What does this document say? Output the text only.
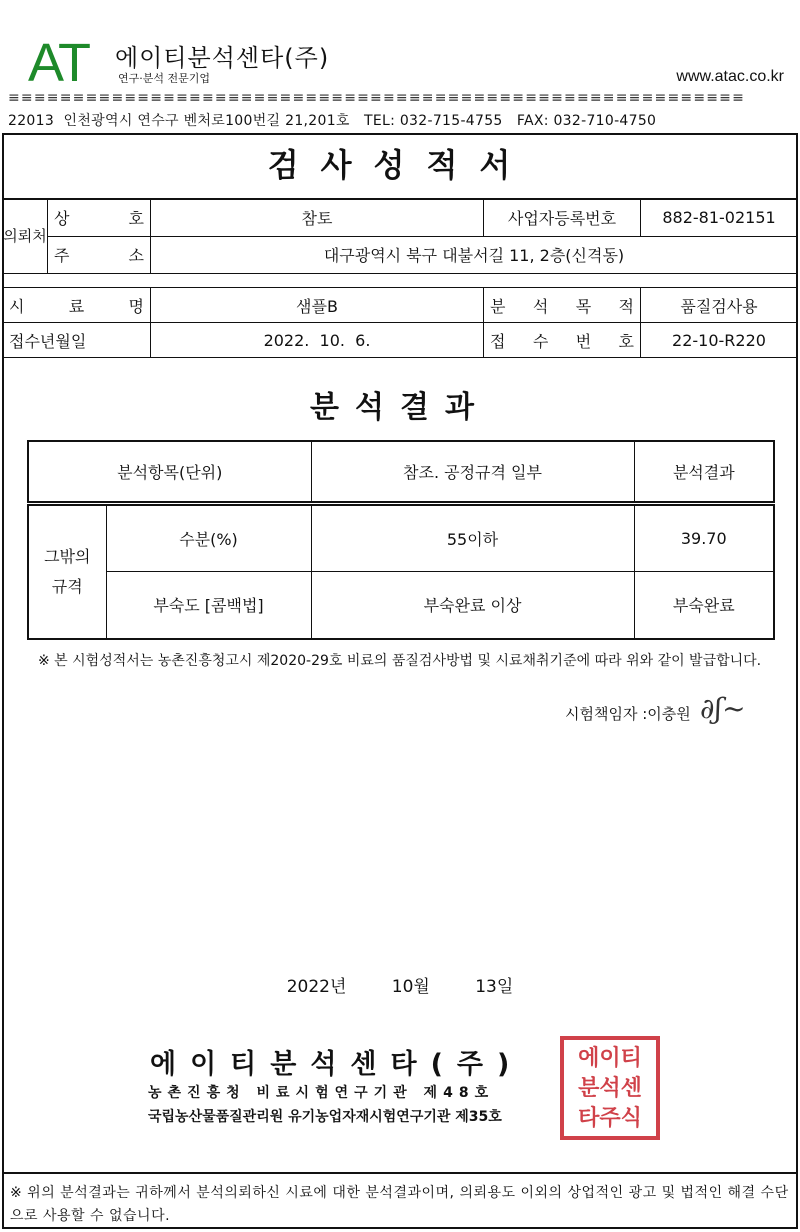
AT 에이티분석센타(주)
연구·분석 전문기업	www.atac.co.kr
≡≡≡≡≡≡≡≡≡≡≡≡≡≡≡≡≡≡≡≡≡≡≡≡≡≡≡≡≡≡≡≡≡≡≡≡≡≡≡≡≡≡≡≡≡≡≡≡≡≡≡≡≡≡≡≡≡
22013  인천광역시 연수구 벤처로100번길 21,201호   TEL: 032-715-4755   FAX: 032-710-4750
검사성적서
의뢰처	상 호	참토	사업자등록번호	882-81-02151
	주 소	대구광역시 북구 대불서길 11, 2층(신격동)		
시 료 명	샘플B	분 석 목 적	품질검사용
접수년월일	2022.  10.  6.	접 수 번 호	22-10-R220
분석결과
분석항목(단위)		참조. 공정규격 일부	분석결과
그밖의
규격	수분(%)	55이하	39.70
	부숙도 [콤백법]	부숙완료 이상	부숙완료
※ 본 시험성적서는 농촌진흥청고시 제2020-29호 비료의 품질검사방법 및 시료채취기준에 따라 위와 같이 발급합니다.
시험책임자 :이충원 ∂ʃ~
2022년 10월 13일
에이티분석센타(주)
농촌진흥청 비료시험연구기관 제48호
국립농산물품질관리원 유기농업자재시험연구기관 제35호
에이티
분석센
타주식
※ 위의 분석결과는 귀하께서 분석의뢰하신 시료에 대한 분석결과이며, 의뢰용도 이외의 상업적인 광고 및 법적인 해결 수단으로 사용할 수 없습니다.
